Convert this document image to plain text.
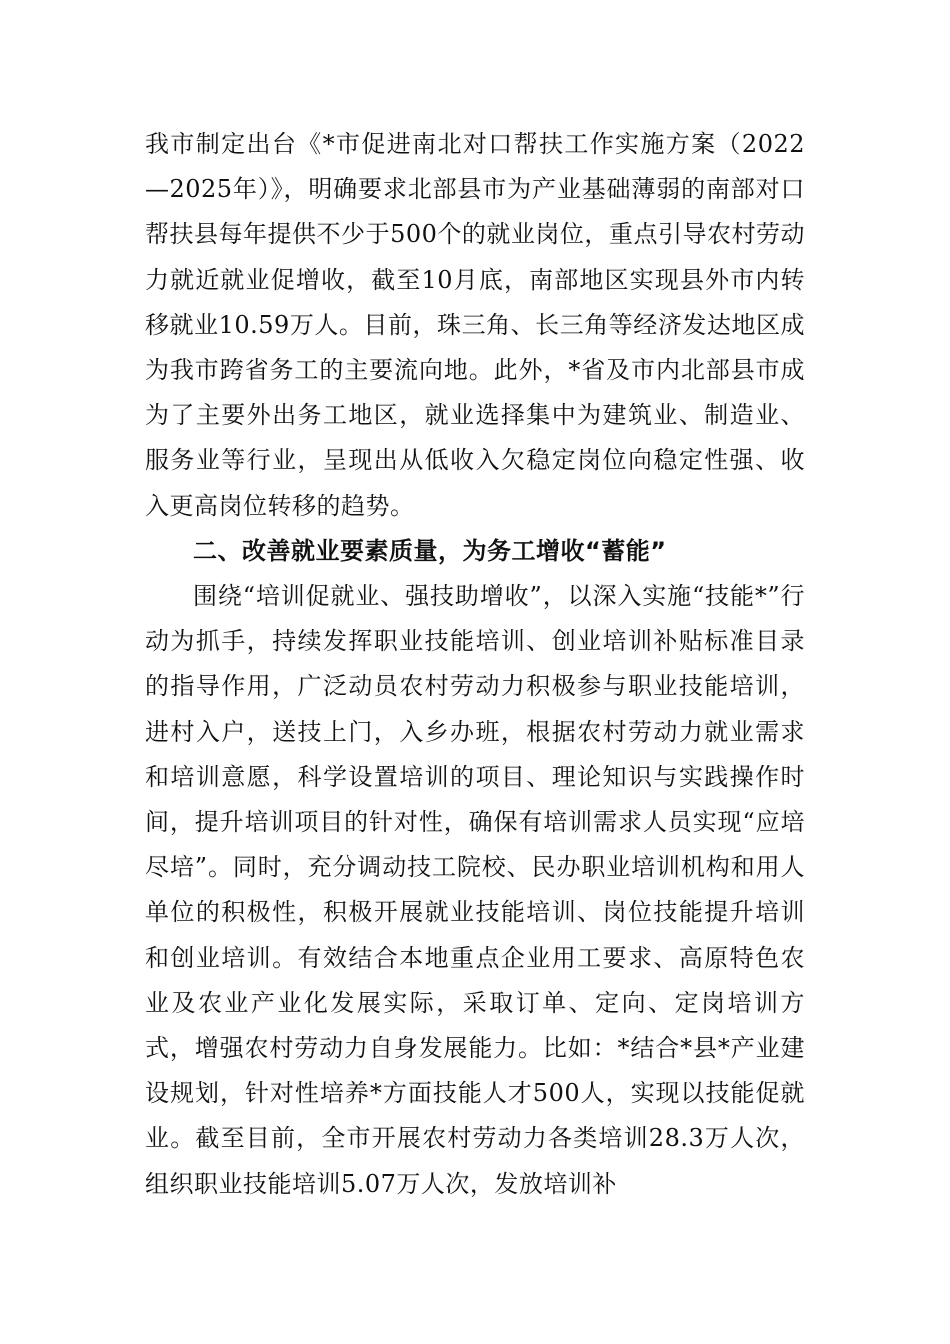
我市制定出台《*市促进南北对口帮扶工作实施方案（2022—2025年）》，明确要求北部县市为产业基础薄弱的南部对口帮扶县每年提供不少于500个的就业岗位，重点引导农村劳动力就近就业促增收，截至10月底，南部地区实现县外市内转移就业10.59万人。目前，珠三角、长三角等经济发达地区成为我市跨省务工的主要流向地。此外，*省及市内北部县市成为了主要外出务工地区，就业选择集中为建筑业、制造业、服务业等行业，呈现出从低收入欠稳定岗位向稳定性强、收入更高岗位转移的趋势。

二、改善就业要素质量，为务工增收“蓄能”

围绕“培训促就业、强技助增收”，以深入实施“技能*”行动为抓手，持续发挥职业技能培训、创业培训补贴标准目录的指导作用，广泛动员农村劳动力积极参与职业技能培训，进村入户，送技上门，入乡办班，根据农村劳动力就业需求和培训意愿，科学设置培训的项目、理论知识与实践操作时间，提升培训项目的针对性，确保有培训需求人员实现“应培尽培”。同时，充分调动技工院校、民办职业培训机构和用人单位的积极性，积极开展就业技能培训、岗位技能提升培训和创业培训。有效结合本地重点企业用工要求、高原特色农业及农业产业化发展实际，采取订单、定向、定岗培训方式，增强农村劳动力自身发展能力。比如：*结合*县*产业建设规划，针对性培养*方面技能人才500人，实现以技能促就业。截至目前，全市开展农村劳动力各类培训28.3万人次，组织职业技能培训5.07万人次，发放培训补
